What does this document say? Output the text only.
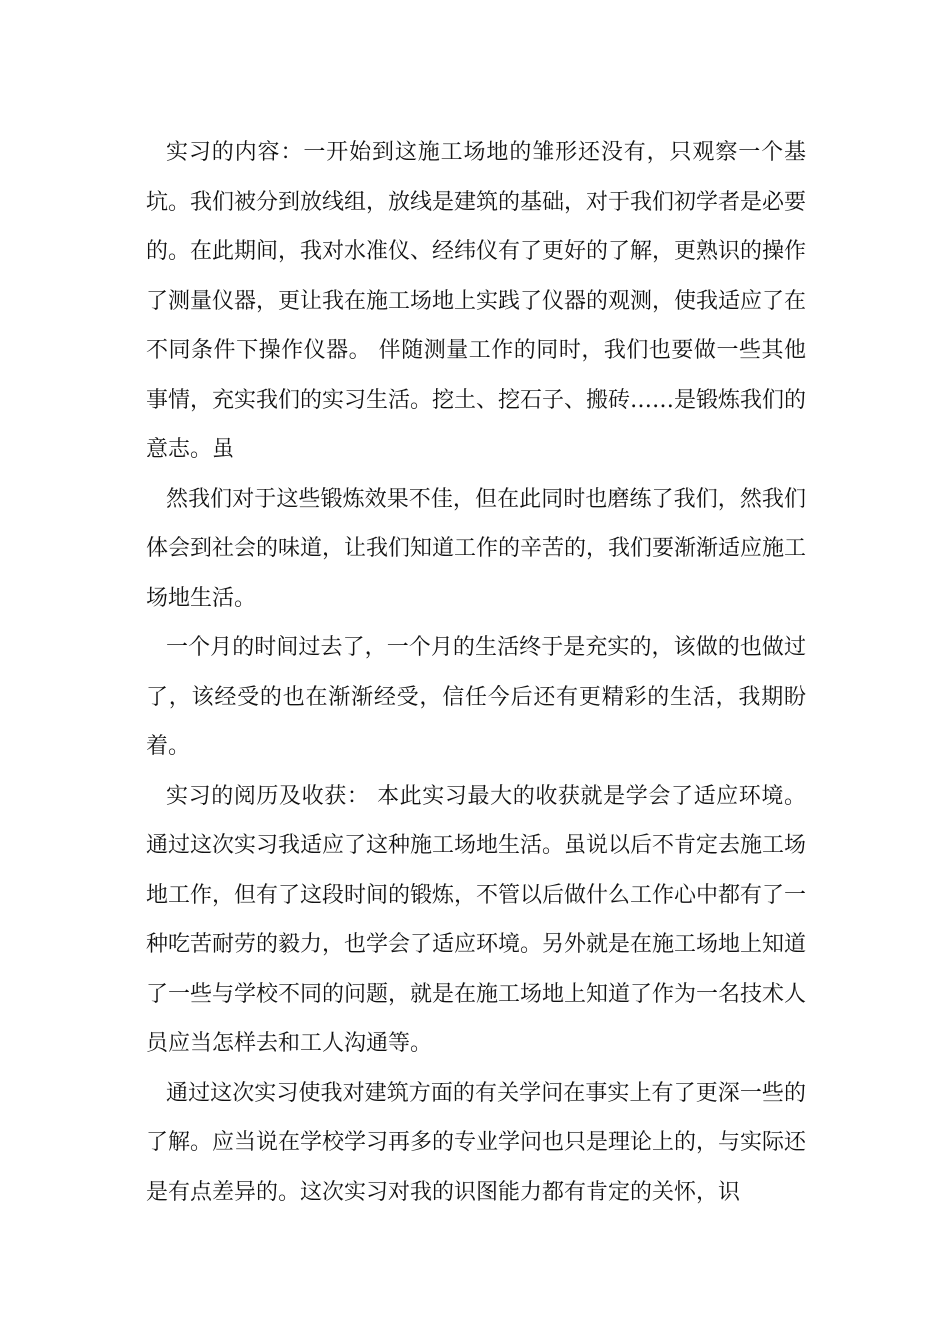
实习的内容：一开始到这施工场地的雏形还没有，只观察一个基坑。我们被分到放线组，放线是建筑的基础，对于我们初学者是必要的。在此期间，我对水准仪、经纬仪有了更好的了解，更熟识的操作了测量仪器，更让我在施工场地上实践了仪器的观测，使我适应了在不同条件下操作仪器。 伴随测量工作的同时，我们也要做一些其他事情，充实我们的实习生活。挖土、挖石子、搬砖……是锻炼我们的意志。虽

然我们对于这些锻炼效果不佳，但在此同时也磨练了我们，然我们体会到社会的味道，让我们知道工作的辛苦的，我们要渐渐适应施工场地生活。

一个月的时间过去了，一个月的生活终于是充实的，该做的也做过了，该经受的也在渐渐经受，信任今后还有更精彩的生活，我期盼着。

实习的阅历及收获： 本此实习最大的收获就是学会了适应环境。通过这次实习我适应了这种施工场地生活。虽说以后不肯定去施工场地工作，但有了这段时间的锻炼，不管以后做什么工作心中都有了一种吃苦耐劳的毅力，也学会了适应环境。另外就是在施工场地上知道了一些与学校不同的问题，就是在施工场地上知道了作为一名技术人员应当怎样去和工人沟通等。

通过这次实习使我对建筑方面的有关学问在事实上有了更深一些的了解。应当说在学校学习再多的专业学问也只是理论上的，与实际还是有点差异的。这次实习对我的识图能力都有肯定的关怀，识
